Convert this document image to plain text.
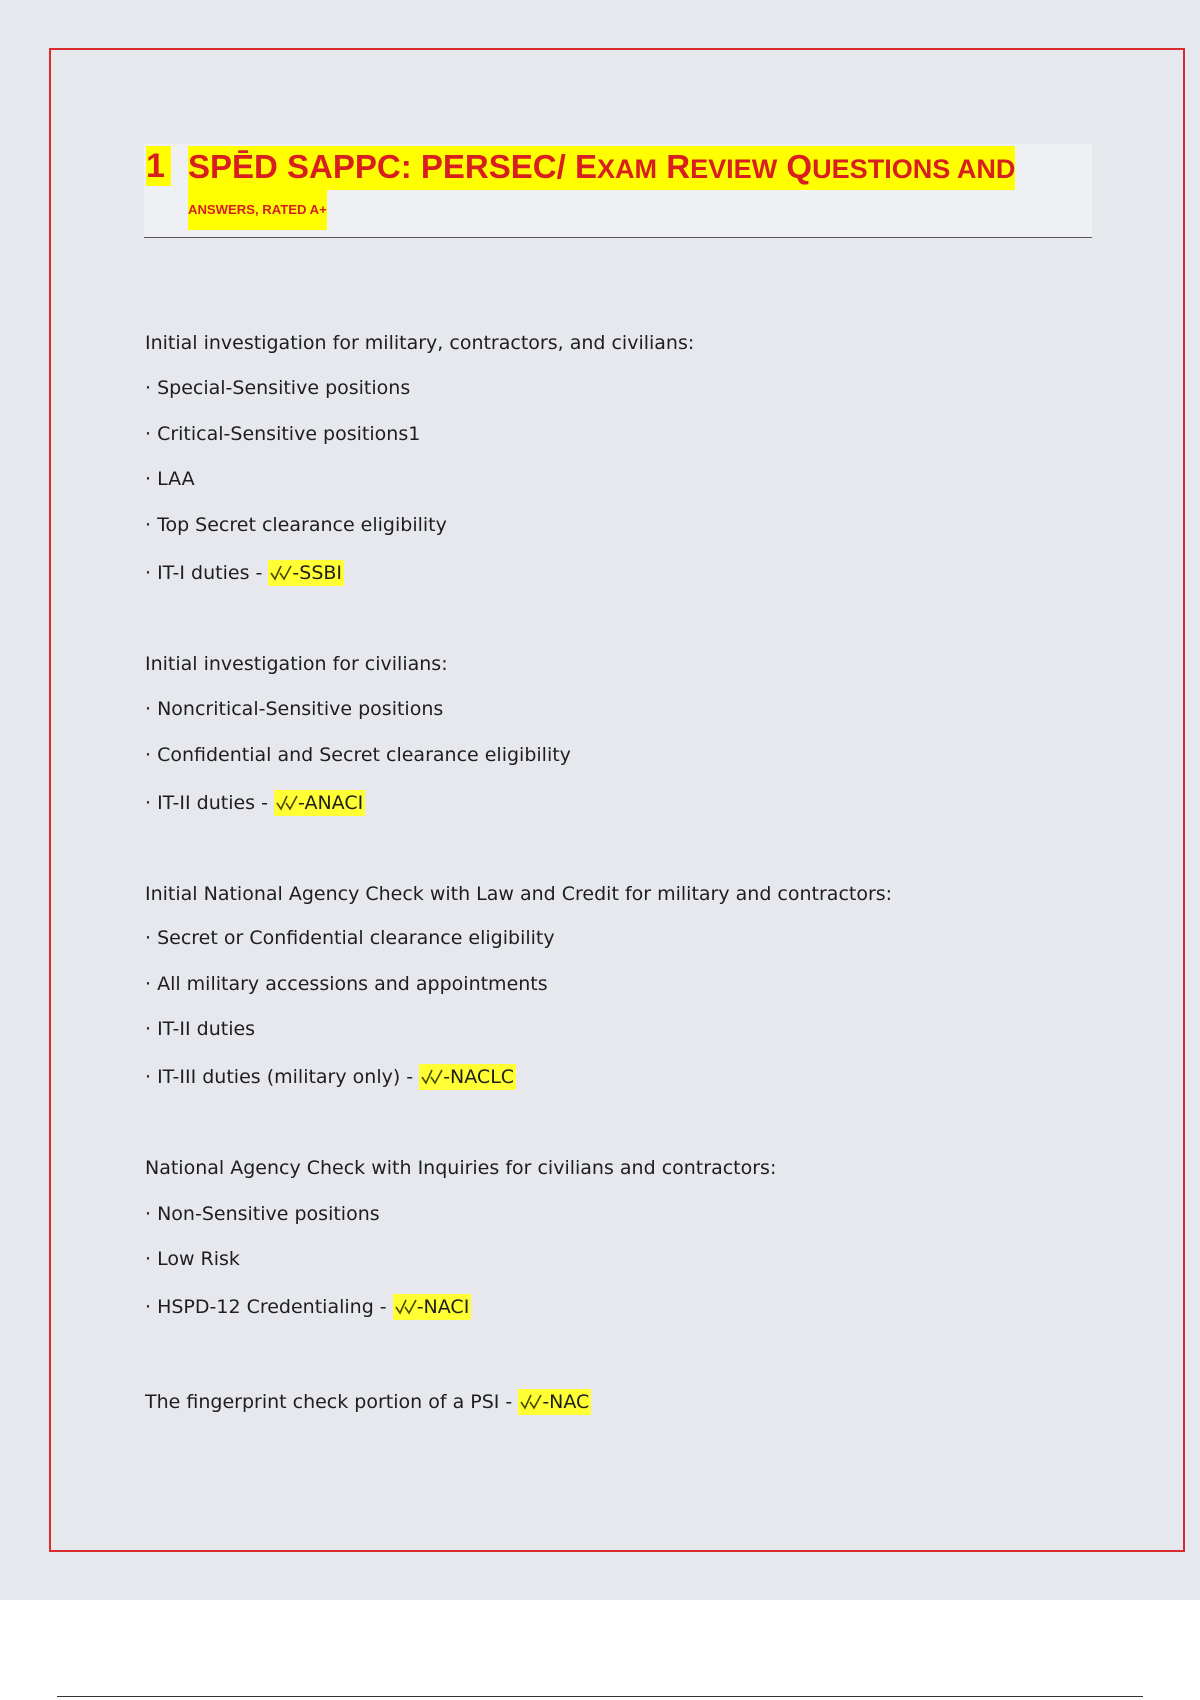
1 SPĒD SAPPC: PERSEC/ EXAM REVIEW QUESTIONS AND
ANSWERS, RATED A+
Initial investigation for military, contractors, and civilians:
· Special-Sensitive positions
· Critical-Sensitive positions1
· LAA
· Top Secret clearance eligibility
· IT-I duties - -SSBI
Initial investigation for civilians:
· Noncritical-Sensitive positions
· Confidential and Secret clearance eligibility
· IT-II duties - -ANACI
Initial National Agency Check with Law and Credit for military and contractors:
· Secret or Confidential clearance eligibility
· All military accessions and appointments
· IT-II duties
· IT-III duties (military only) - -NACLC
National Agency Check with Inquiries for civilians and contractors:
· Non-Sensitive positions
· Low Risk
· HSPD-12 Credentialing - -NACI
The fingerprint check portion of a PSI - -NAC
